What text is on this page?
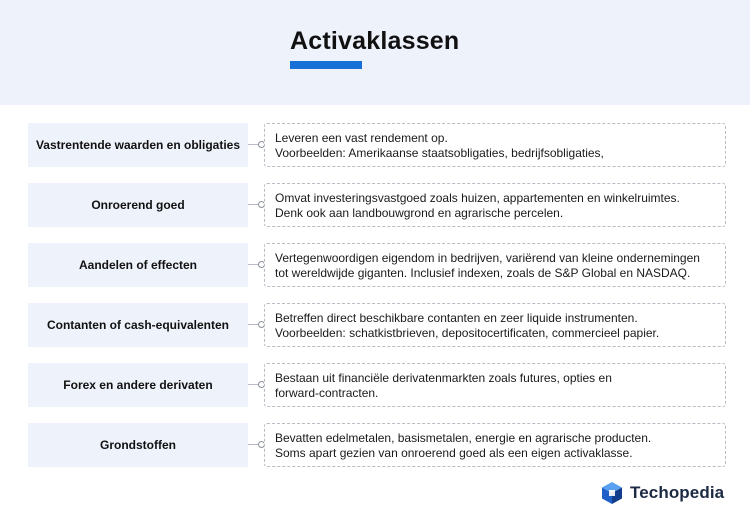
Activaklassen
Vastrentende waarden en obligaties	Leveren een vast rendement op.
Voorbeelden: Amerikaanse staatsobligaties, bedrijfsobligaties,
Onroerend goed	Omvat investeringsvastgoed zoals huizen, appartementen en winkelruimtes.
Denk ook aan landbouwgrond en agrarische percelen.
Aandelen of effecten	Vertegenwoordigen eigendom in bedrijven, variërend van kleine ondernemingen
tot wereldwijde giganten. Inclusief indexen, zoals de S&P Global en NASDAQ.
Contanten of cash-equivalenten	Betreffen direct beschikbare contanten en zeer liquide instrumenten.
Voorbeelden: schatkistbrieven, depositocertificaten, commercieel papier.
Forex en andere derivaten	Bestaan uit financiële derivatenmarkten zoals futures, opties en
forward-contracten.
Grondstoffen	Bevatten edelmetalen, basismetalen, energie en agrarische producten.
Soms apart gezien van onroerend goed als een eigen activaklasse.
Techopedia
